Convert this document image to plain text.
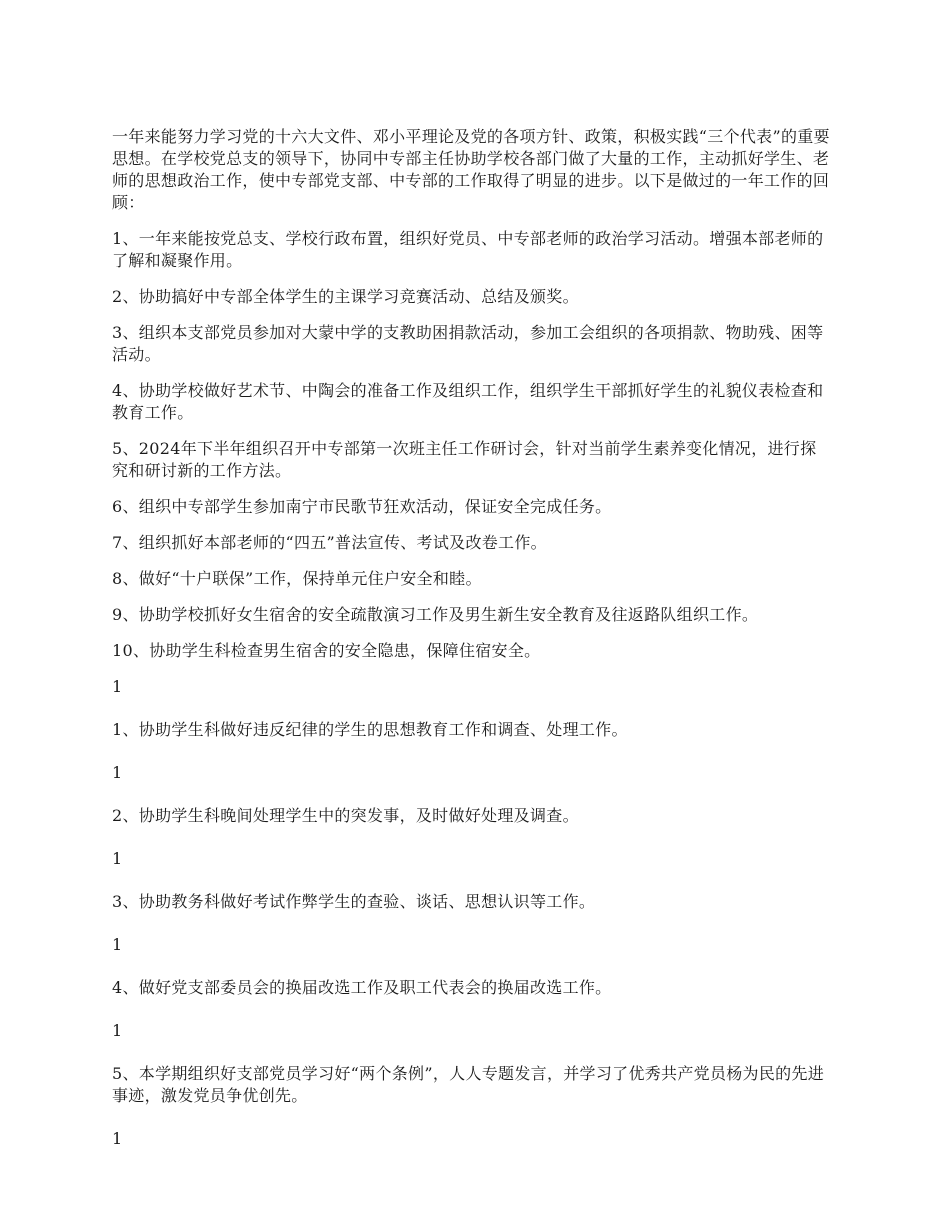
一年来能努力学习党的十六大文件、邓小平理论及党的各项方针、政策，积极实践“三个代表”的重要思想。在学校党总支的领导下，协同中专部主任协助学校各部门做了大量的工作，主动抓好学生、老师的思想政治工作，使中专部党支部、中专部的工作取得了明显的进步。以下是做过的一年工作的回顾：

1、一年来能按党总支、学校行政布置，组织好党员、中专部老师的政治学习活动。增强本部老师的了解和凝聚作用。

2、协助搞好中专部全体学生的主课学习竞赛活动、总结及颁奖。

3、组织本支部党员参加对大蒙中学的支教助困捐款活动，参加工会组织的各项捐款、物助残、困等活动。

4、协助学校做好艺术节、中陶会的准备工作及组织工作，组织学生干部抓好学生的礼貌仪表检查和教育工作。

5、2024年下半年组织召开中专部第一次班主任工作研讨会，针对当前学生素养变化情况，进行探究和研讨新的工作方法。

6、组织中专部学生参加南宁市民歌节狂欢活动，保证安全完成任务。

7、组织抓好本部老师的“四五”普法宣传、考试及改卷工作。

8、做好“十户联保”工作，保持单元住户安全和睦。

9、协助学校抓好女生宿舍的安全疏散演习工作及男生新生安全教育及往返路队组织工作。

10、协助学生科检查男生宿舍的安全隐患，保障住宿安全。

1

1、协助学生科做好违反纪律的学生的思想教育工作和调查、处理工作。

1

2、协助学生科晚间处理学生中的突发事，及时做好处理及调查。

1

3、协助教务科做好考试作弊学生的查验、谈话、思想认识等工作。

1

4、做好党支部委员会的换届改选工作及职工代表会的换届改选工作。

1

5、本学期组织好支部党员学习好“两个条例”，人人专题发言，并学习了优秀共产党员杨为民的先进事迹，激发党员争优创先。

1
